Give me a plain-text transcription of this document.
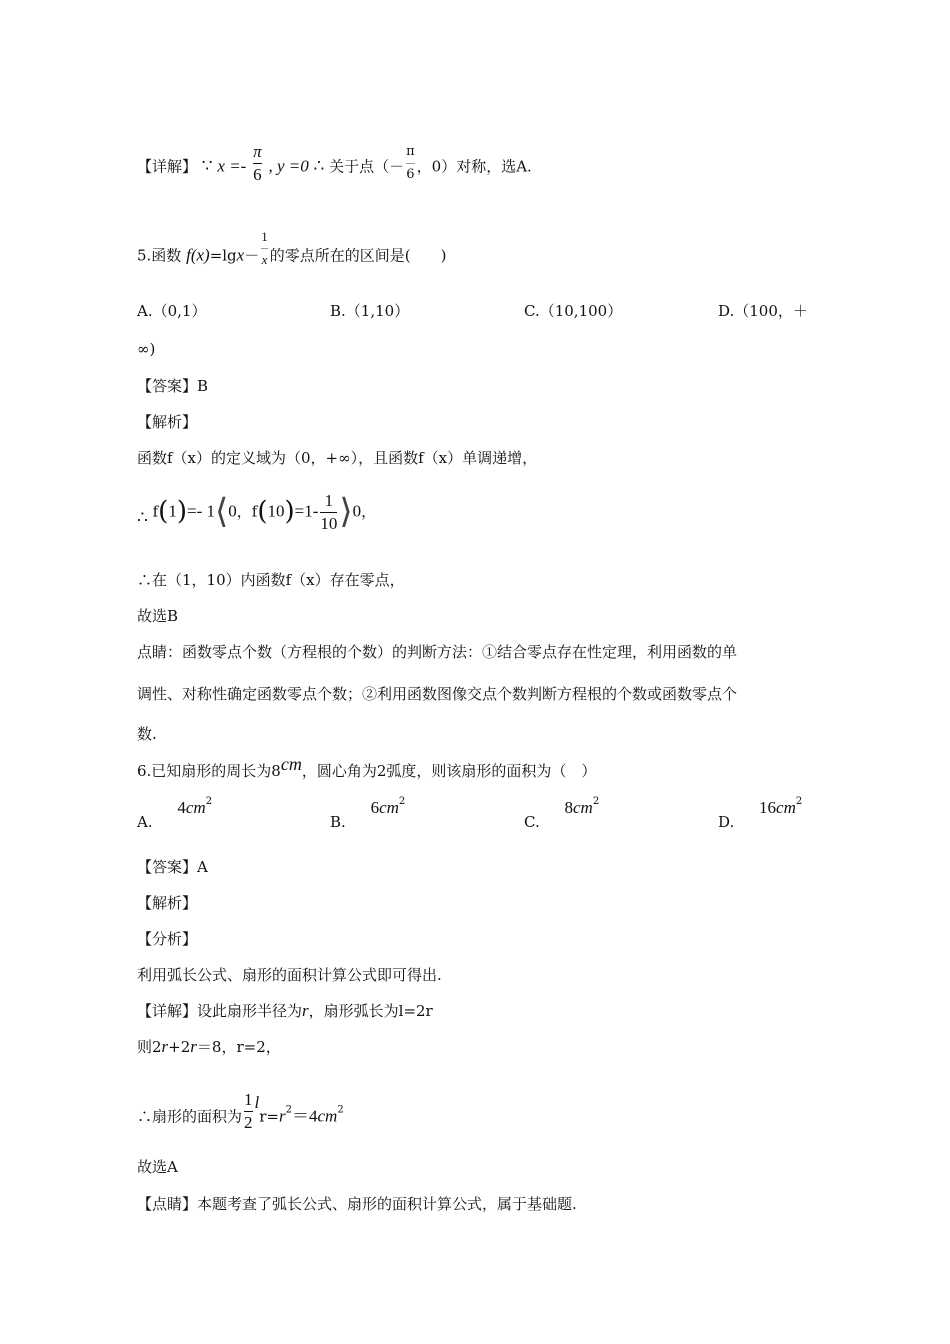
【详解】 ∵ $x =- \frac{\pi}{6}$ , y =0 ∴ 关于点（－ $\frac{\pi}{6}$ ，0）对称，选A.
5.函数 $f(x)=\lg x- \frac{1}{x}$ 的零点所在的区间是(　　)
A.（0,1）	B.（1,10）	C.（10,100）	D.（100，＋
∞)
【答案】B
【解析】
函数f（x）的定义域为（0，+∞），且函数f（x）单调递增，
∴ f(1)=- 1⟨0，$f(10)=1- \frac{1}{10}$ ⟩0，
∴在（1，10）内函数f（x）存在零点，
故选B
点睛：函数零点个数（方程根的个数）的判断方法：①结合零点存在性定理，利用函数的单
调性、对称性确定函数零点个数；②利用函数图像交点个数判断方程根的个数或函数零点个
数.
6.已知扇形的周长为8cm，圆心角为2弧度，则该扇形的面积为（　）
A. $4cm^2$
B. $6cm^2$
C. $8cm^2$
D. $16cm^2$
【答案】A
【解析】
【分析】
利用弧长公式、扇形的面积计算公式即可得出.
【详解】设此扇形半径为r，扇形弧长为l=2r
则2r+2r＝8，r=2，
∴扇形的面积为 $\frac{1}{2} lr=r^2=4cm^2$
故选A
【点睛】本题考查了弧长公式、扇形的面积计算公式，属于基础题.
